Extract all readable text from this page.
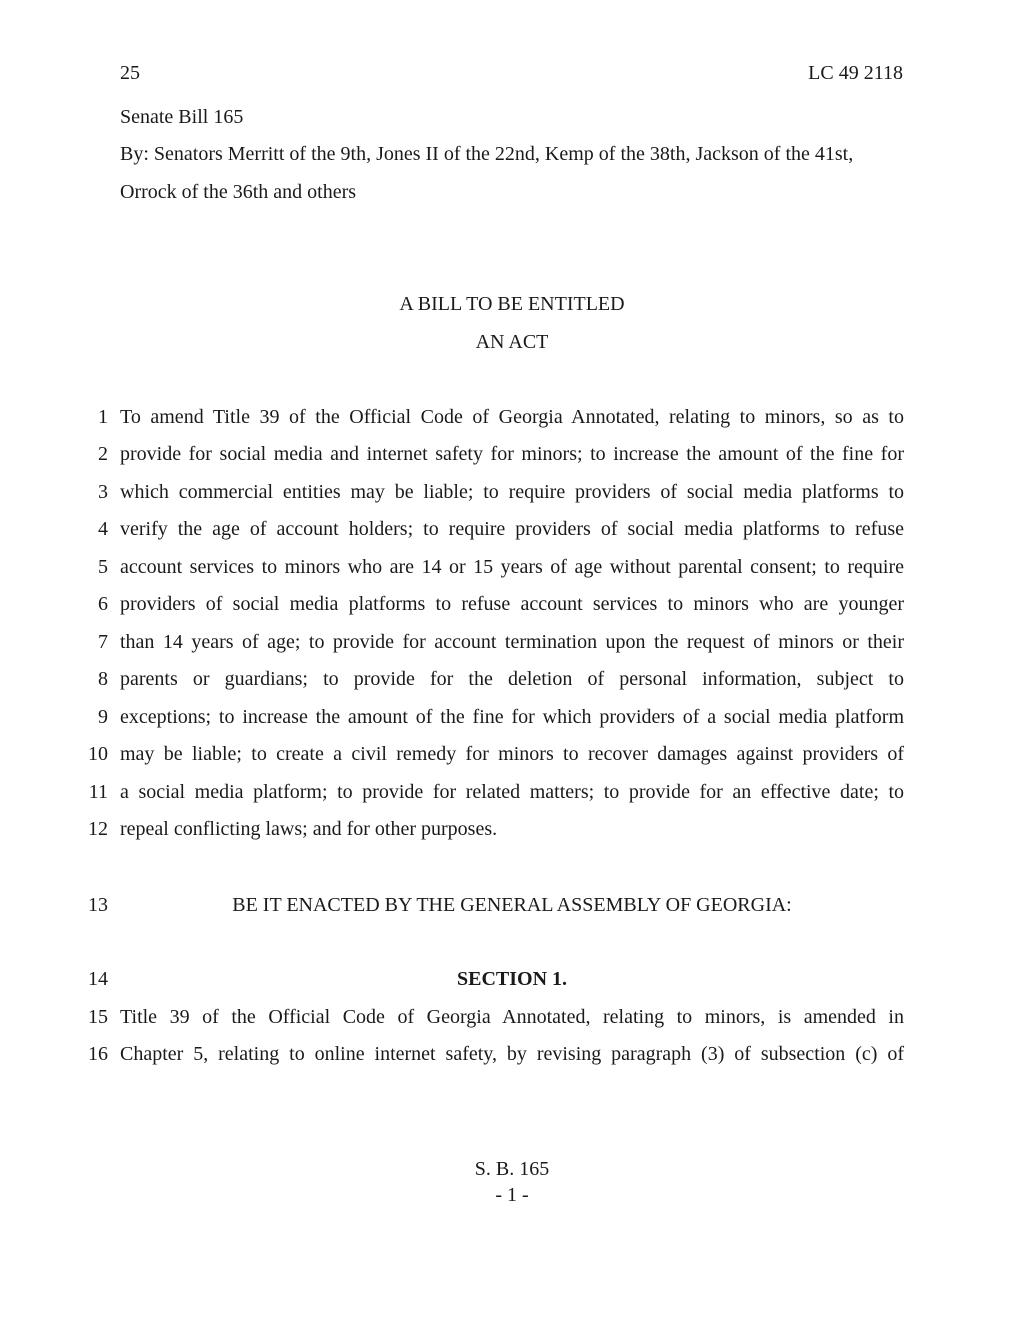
25	LC 49 2118
Senate Bill 165
By: Senators Merritt of the 9th, Jones II of the 22nd, Kemp of the 38th, Jackson of the 41st,
Orrock of the 36th and others
A BILL TO BE ENTITLED
AN ACT
1 To amend Title 39 of the Official Code of Georgia Annotated, relating to minors, so as to
2 provide for social media and internet safety for minors; to increase the amount of the fine for
3 which commercial entities may be liable; to require providers of social media platforms to
4 verify the age of account holders; to require providers of social media platforms to refuse
5 account services to minors who are 14 or 15 years of age without parental consent; to require
6 providers of social media platforms to refuse account services to minors who are younger
7 than 14 years of age; to provide for account termination upon the request of minors or their
8 parents or guardians; to provide for the deletion of personal information, subject to
9 exceptions; to increase the amount of the fine for which providers of a social media platform
10 may be liable; to create a civil remedy for minors to recover damages against providers of
11 a social media platform; to provide for related matters; to provide for an effective date; to
12 repeal conflicting laws; and for other purposes.
13	BE IT ENACTED BY THE GENERAL ASSEMBLY OF GEORGIA:
14	SECTION 1.
15 Title 39 of the Official Code of Georgia Annotated, relating to minors, is amended in
16 Chapter 5, relating to online internet safety, by revising paragraph (3) of subsection (c) of
S. B. 165
- 1 -
